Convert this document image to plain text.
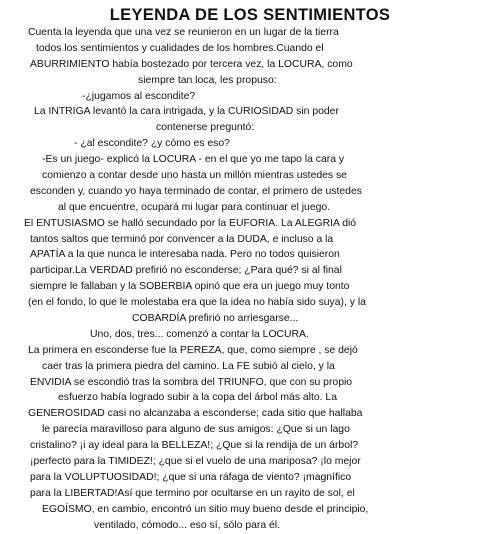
LEYENDA DE LOS SENTIMIENTOS
Cuenta la leyenda que una vez se reunieron en un lugar de la tierra
todos los sentimientos y cualidades de los hombres.Cuando el
ABURRIMIENTO había bostezado por tercera vez, la LOCURA, como
siempre tan loca, les propuso:
-¿jugamos al escondite?
La INTRIGA levantó la cara intrigada, y la CURIOSIDAD sin poder
contenerse preguntó:
- ¿al escondite? ¿y cómo es eso?
-Es un juego- explicó la LOCURA - en el que yo me tapo la cara y
comienzo a contar desde uno hasta un millón mientras ustedes se
esconden y, cuando yo haya terminado de contar, el primero de ustedes
al que encuentre, ocupará mi lugar para continuar el juego.
El ENTUSIASMO se halló secundado por la EUFORIA. La ALEGRIA dió
tantos saltos que terminó por convencer a la DUDA, e incluso a la
APATÍA a la que nunca le interesaba nada. Pero no todos quisieron
participar.La VERDAD prefirió no esconderse; ¿Para qué? si al final
siempre le fallaban y la SOBERBIA opinó que era un juego muy tonto
(en el fondo, lo que le molestaba era que la idea no había sido suya), y la
COBARDÍA prefirió no arriesgarse...
Uno, dos, tres... comenzó a contar la LOCURA.
La primera en esconderse fue la PEREZA, que, como siempre , se dejó
caer tras la primera piedra del camino. La FE subió al cielo, y la
ENVIDIA se escondió tras la sombra del TRIUNFO, que con su propio
esfuerzo había logrado subir a la copa del árbol más alto. La
GENEROSIDAD casi no alcanzaba a esconderse; cada sitio que hallaba
le parecía maravilloso para alguno de sus amigos: ¿Que si un lago
cristalino? ¡i ay ideal para la BELLEZA!; ¿Que si la rendija de un árbol?
¡perfecto para la TIMIDEZ!; ¿que si el vuelo de una mariposa? ¡lo mejor
para la VOLUPTUOSIDAD!; ¿que si una ráfaga de viento? ¡magnífico
para la LIBERTAD!Así que termino por ocultarse en un rayito de sol, el
EGOÍSMO, en cambio, encontró un sitio muy bueno desde el principio,
ventilado, cómodo... eso sí, sólo para él.
